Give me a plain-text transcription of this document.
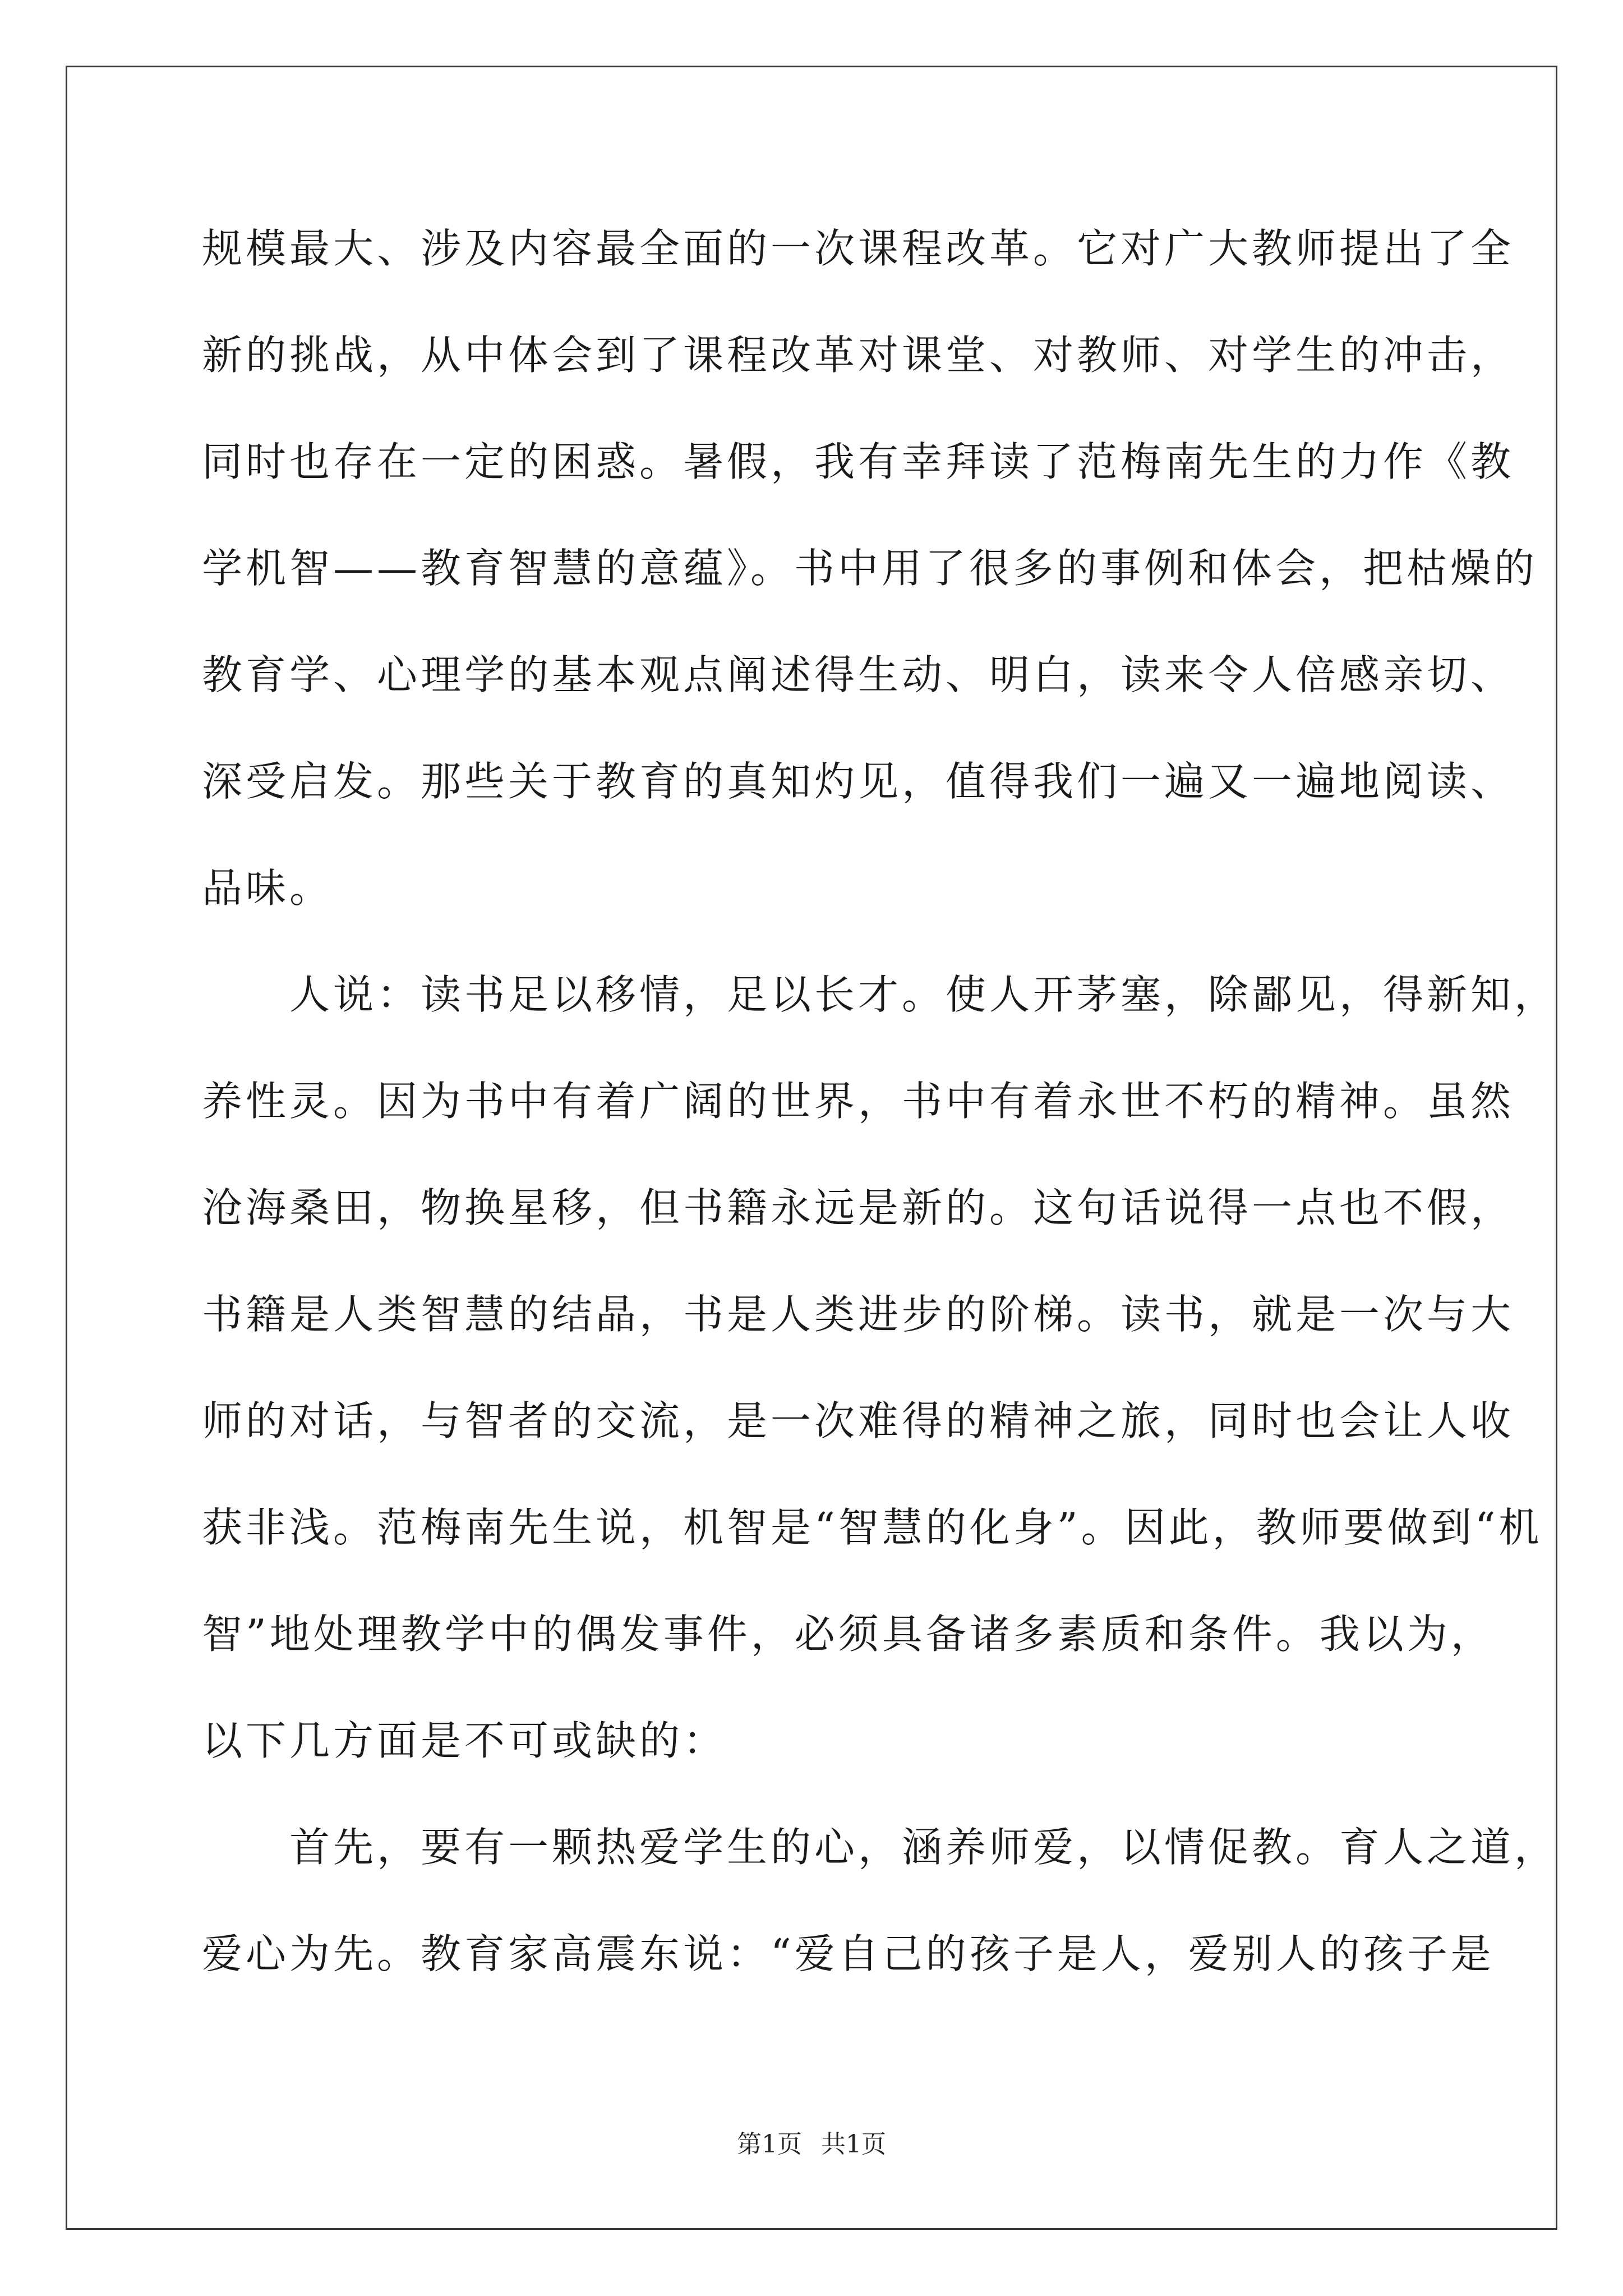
规模最大、涉及内容最全面的一次课程改革。它对广大教师提出了全
新的挑战，从中体会到了课程改革对课堂、对教师、对学生的冲击，
同时也存在一定的困惑。暑假，我有幸拜读了范梅南先生的力作《教
学机智——教育智慧的意蕴》。书中用了很多的事例和体会，把枯燥的
教育学、心理学的基本观点阐述得生动、明白，读来令人倍感亲切、
深受启发。那些关于教育的真知灼见，值得我们一遍又一遍地阅读、
品味。
　　人说：读书足以移情，足以长才。使人开茅塞，除鄙见，得新知，
养性灵。因为书中有着广阔的世界，书中有着永世不朽的精神。虽然
沧海桑田，物换星移，但书籍永远是新的。这句话说得一点也不假，
书籍是人类智慧的结晶，书是人类进步的阶梯。读书，就是一次与大
师的对话，与智者的交流，是一次难得的精神之旅，同时也会让人收
获非浅。范梅南先生说，机智是“智慧的化身”。因此，教师要做到“机
智”地处理教学中的偶发事件，必须具备诸多素质和条件。我以为，
以下几方面是不可或缺的：
　　首先，要有一颗热爱学生的心，涵养师爱，以情促教。育人之道，
爱心为先。教育家高震东说：“爱自己的孩子是人，爱别人的孩子是
第1页 共1页
